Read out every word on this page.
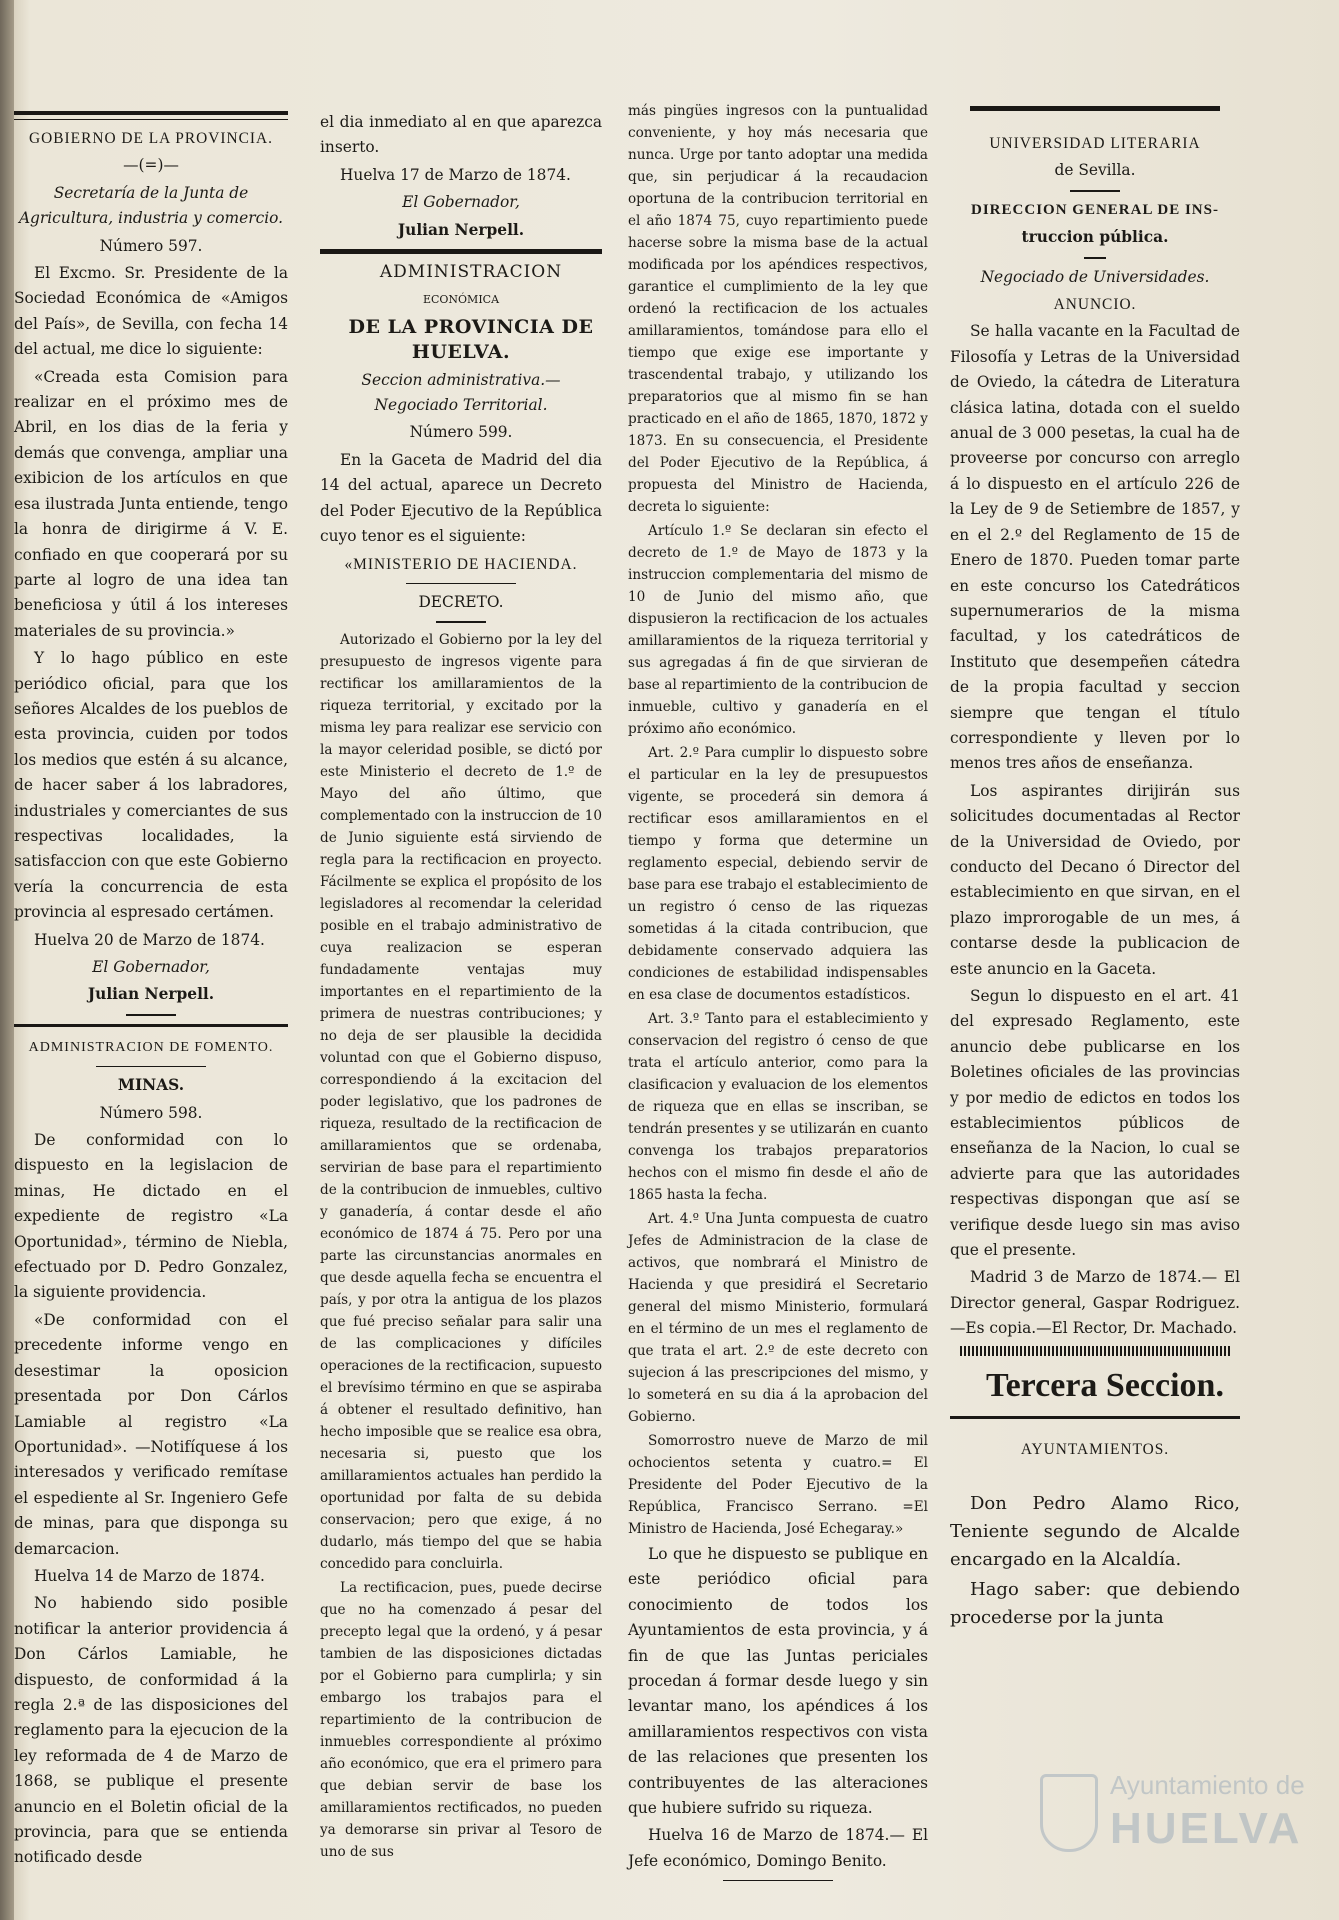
GOBIERNO DE LA PROVINCIA.

—(=)—

Secretaría de la Junta de Agricultura, industria y comercio.

Número 597.

El Excmo. Sr. Presidente de la Sociedad Económica de «Amigos del País», de Sevilla, con fecha 14 del actual, me dice lo siguiente:

«Creada esta Comision para realizar en el próximo mes de Abril, en los dias de la feria y demás que convenga, ampliar una exibicion de los artículos en que esa ilustrada Junta entiende, tengo la honra de dirigirme á V. E. confiado en que cooperará por su parte al logro de una idea tan beneficiosa y útil á los intereses materiales de su provincia.»

Y lo hago público en este periódico oficial, para que los señores Alcaldes de los pueblos de esta provincia, cuiden por todos los medios que estén á su alcance, de hacer saber á los labradores, industriales y comerciantes de sus respectivas localidades, la satisfaccion con que este Gobierno vería la concurrencia de esta provincia al espresado certámen.

Huelva 20 de Marzo de 1874.

El Gobernador,

Julian Nerpell.

ADMINISTRACION DE FOMENTO.

MINAS.

Número 598.

De conformidad con lo dispuesto en la legislacion de minas, He dictado en el expediente de registro «La Oportunidad», término de Niebla, efectuado por D. Pedro Gonzalez, la siguiente providencia.

«De conformidad con el precedente informe vengo en desestimar la oposicion presentada por Don Cárlos Lamiable al registro «La Oportunidad». —Notifíquese á los interesados y verificado remítase el espediente al Sr. Ingeniero Gefe de minas, para que disponga su demarcacion.

Huelva 14 de Marzo de 1874.

No habiendo sido posible notificar la anterior providencia á Don Cárlos Lamiable, he dispuesto, de conformidad á la regla 2.ª de las disposiciones del reglamento para la ejecucion de la ley reformada de 4 de Marzo de 1868, se publique el presente anuncio en el Boletin oficial de la provincia, para que se entienda notificado desde

el dia inmediato al en que aparezca inserto.

Huelva 17 de Marzo de 1874.

El Gobernador,

Julian Nerpell.

ADMINISTRACION

ECONÓMICA

DE LA PROVINCIA DE HUELVA.

Seccion administrativa.—Negociado Territorial.

Número 599.

En la Gaceta de Madrid del dia 14 del actual, aparece un Decreto del Poder Ejecutivo de la República cuyo tenor es el siguiente:

«MINISTERIO DE HACIENDA.

DECRETO.

Autorizado el Gobierno por la ley del presupuesto de ingresos vigente para rectificar los amillaramientos de la riqueza territorial, y excitado por la misma ley para realizar ese servicio con la mayor celeridad posible, se dictó por este Ministerio el decreto de 1.º de Mayo del año último, que complementado con la instruccion de 10 de Junio siguiente está sirviendo de regla para la rectificacion en proyecto. Fácilmente se explica el propósito de los legisladores al recomendar la celeridad posible en el trabajo administrativo de cuya realizacion se esperan fundadamente ventajas muy importantes en el repartimiento de la primera de nuestras contribuciones; y no deja de ser plausible la decidida voluntad con que el Gobierno dispuso, correspondiendo á la excitacion del poder legislativo, que los padrones de riqueza, resultado de la rectificacion de amillaramientos que se ordenaba, servirian de base para el repartimiento de la contribucion de inmuebles, cultivo y ganadería, á contar desde el año económico de 1874 á 75. Pero por una parte las circunstancias anormales en que desde aquella fecha se encuentra el país, y por otra la antigua de los plazos que fué preciso señalar para salir una de las complicaciones y difíciles operaciones de la rectificacion, supuesto el brevísimo término en que se aspiraba á obtener el resultado definitivo, han hecho imposible que se realice esa obra, necesaria si, puesto que los amillaramientos actuales han perdido la oportunidad por falta de su debida conservacion; pero que exige, á no dudarlo, más tiempo del que se habia concedido para concluirla.

La rectificacion, pues, puede decirse que no ha comenzado á pesar del precepto legal que la ordenó, y á pesar tambien de las disposiciones dictadas por el Gobierno para cumplirla; y sin embargo los trabajos para el repartimiento de la contribucion de inmuebles correspondiente al próximo año económico, que era el primero para que debian servir de base los amillaramientos rectificados, no pueden ya demorarse sin privar al Tesoro de uno de sus

más pingües ingresos con la puntualidad conveniente, y hoy más necesaria que nunca. Urge por tanto adoptar una medida que, sin perjudicar á la recaudacion oportuna de la contribucion territorial en el año 1874 75, cuyo repartimiento puede hacerse sobre la misma base de la actual modificada por los apéndices respectivos, garantice el cumplimiento de la ley que ordenó la rectificacion de los actuales amillaramientos, tomándose para ello el tiempo que exige ese importante y trascendental trabajo, y utilizando los preparatorios que al mismo fin se han practicado en el año de 1865, 1870, 1872 y 1873. En su consecuencia, el Presidente del Poder Ejecutivo de la República, á propuesta del Ministro de Hacienda, decreta lo siguiente:

Artículo 1.º Se declaran sin efecto el decreto de 1.º de Mayo de 1873 y la instruccion complementaria del mismo de 10 de Junio del mismo año, que dispusieron la rectificacion de los actuales amillaramientos de la riqueza territorial y sus agregadas á fin de que sirvieran de base al repartimiento de la contribucion de inmueble, cultivo y ganadería en el próximo año económico.

Art. 2.º Para cumplir lo dispuesto sobre el particular en la ley de presupuestos vigente, se procederá sin demora á rectificar esos amillaramientos en el tiempo y forma que determine un reglamento especial, debiendo servir de base para ese trabajo el establecimiento de un registro ó censo de las riquezas sometidas á la citada contribucion, que debidamente conservado adquiera las condiciones de estabilidad indispensables en esa clase de documentos estadísticos.

Art. 3.º Tanto para el establecimiento y conservacion del registro ó censo de que trata el artículo anterior, como para la clasificacion y evaluacion de los elementos de riqueza que en ellas se inscriban, se tendrán presentes y se utilizarán en cuanto convenga los trabajos preparatorios hechos con el mismo fin desde el año de 1865 hasta la fecha.

Art. 4.º Una Junta compuesta de cuatro Jefes de Administracion de la clase de activos, que nombrará el Ministro de Hacienda y que presidirá el Secretario general del mismo Ministerio, formulará en el término de un mes el reglamento de que trata el art. 2.º de este decreto con sujecion á las prescripciones del mismo, y lo someterá en su dia á la aprobacion del Gobierno.

Somorrostro nueve de Marzo de mil ochocientos setenta y cuatro.= El Presidente del Poder Ejecutivo de la República, Francisco Serrano. =El Ministro de Hacienda, José Echegaray.»

Lo que he dispuesto se publique en este periódico oficial para conocimiento de todos los Ayuntamientos de esta provincia, y á fin de que las Juntas periciales procedan á formar desde luego y sin levantar mano, los apéndices á los amillaramientos respectivos con vista de las relaciones que presenten los contribuyentes de las alteraciones que hubiere sufrido su riqueza.

Huelva 16 de Marzo de 1874.— El Jefe económico, Domingo Benito.

UNIVERSIDAD LITERARIA

de Sevilla.

DIRECCION GENERAL DE INS-

truccion pública.

Negociado de Universidades.

ANUNCIO.

Se halla vacante en la Facultad de Filosofía y Letras de la Universidad de Oviedo, la cátedra de Literatura clásica latina, dotada con el sueldo anual de 3 000 pesetas, la cual ha de proveerse por concurso con arreglo á lo dispuesto en el artículo 226 de la Ley de 9 de Setiembre de 1857, y en el 2.º del Reglamento de 15 de Enero de 1870. Pueden tomar parte en este concurso los Catedráticos supernumerarios de la misma facultad, y los catedráticos de Instituto que desempeñen cátedra de la propia facultad y seccion siempre que tengan el título correspondiente y lleven por lo menos tres años de enseñanza.

Los aspirantes dirijirán sus solicitudes documentadas al Rector de la Universidad de Oviedo, por conducto del Decano ó Director del establecimiento en que sirvan, en el plazo improrogable de un mes, á contarse desde la publicacion de este anuncio en la Gaceta.

Segun lo dispuesto en el art. 41 del expresado Reglamento, este anuncio debe publicarse en los Boletines oficiales de las provincias y por medio de edictos en todos los establecimientos públicos de enseñanza de la Nacion, lo cual se advierte para que las autoridades respectivas dispongan que así se verifique desde luego sin mas aviso que el presente.

Madrid 3 de Marzo de 1874.— El Director general, Gaspar Rodriguez.—Es copia.—El Rector, Dr. Machado.

Tercera Seccion.

AYUNTAMIENTOS.

Don Pedro Alamo Rico, Teniente segundo de Alcalde encargado en la Alcaldía.

Hago saber: que debiendo procederse por la junta

Ayuntamiento de
HUELVA
